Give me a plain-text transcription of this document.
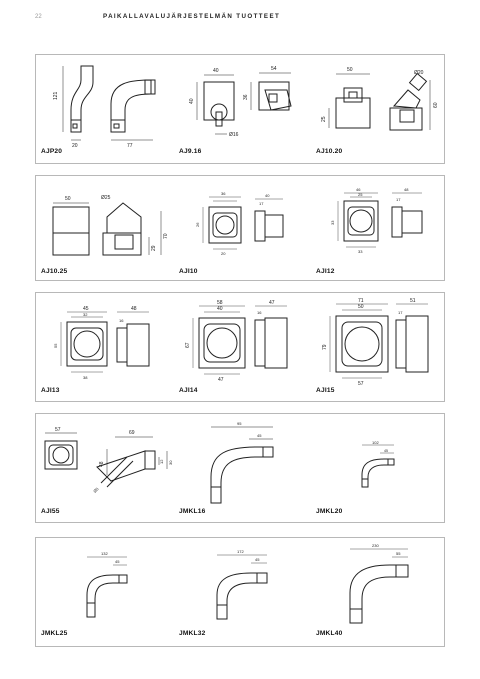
22	PAIKALLAVALUJÄRJESTELMÄN TUOTTEET
121
20	77
AJP20
40	54
40
36
Ø16
AJ9.16
50	Ø20
25
60
AJ10.20
50	Ø25
29
70
AJ10.25
36	40
26
20
17
AJI10
46
25
48
17
33
33
AJI12
45
32
48
16
55
38
AJI13
58
40
47
16
67
47
AJI14
71
50
51
17
79
57
AJI15
57	69
48	12 30
Ø5
AJI55
95
45
JMKL16
102
45
JMKL20
132
45
JMKL25
172
45
JMKL32
230
55
JMKL40
